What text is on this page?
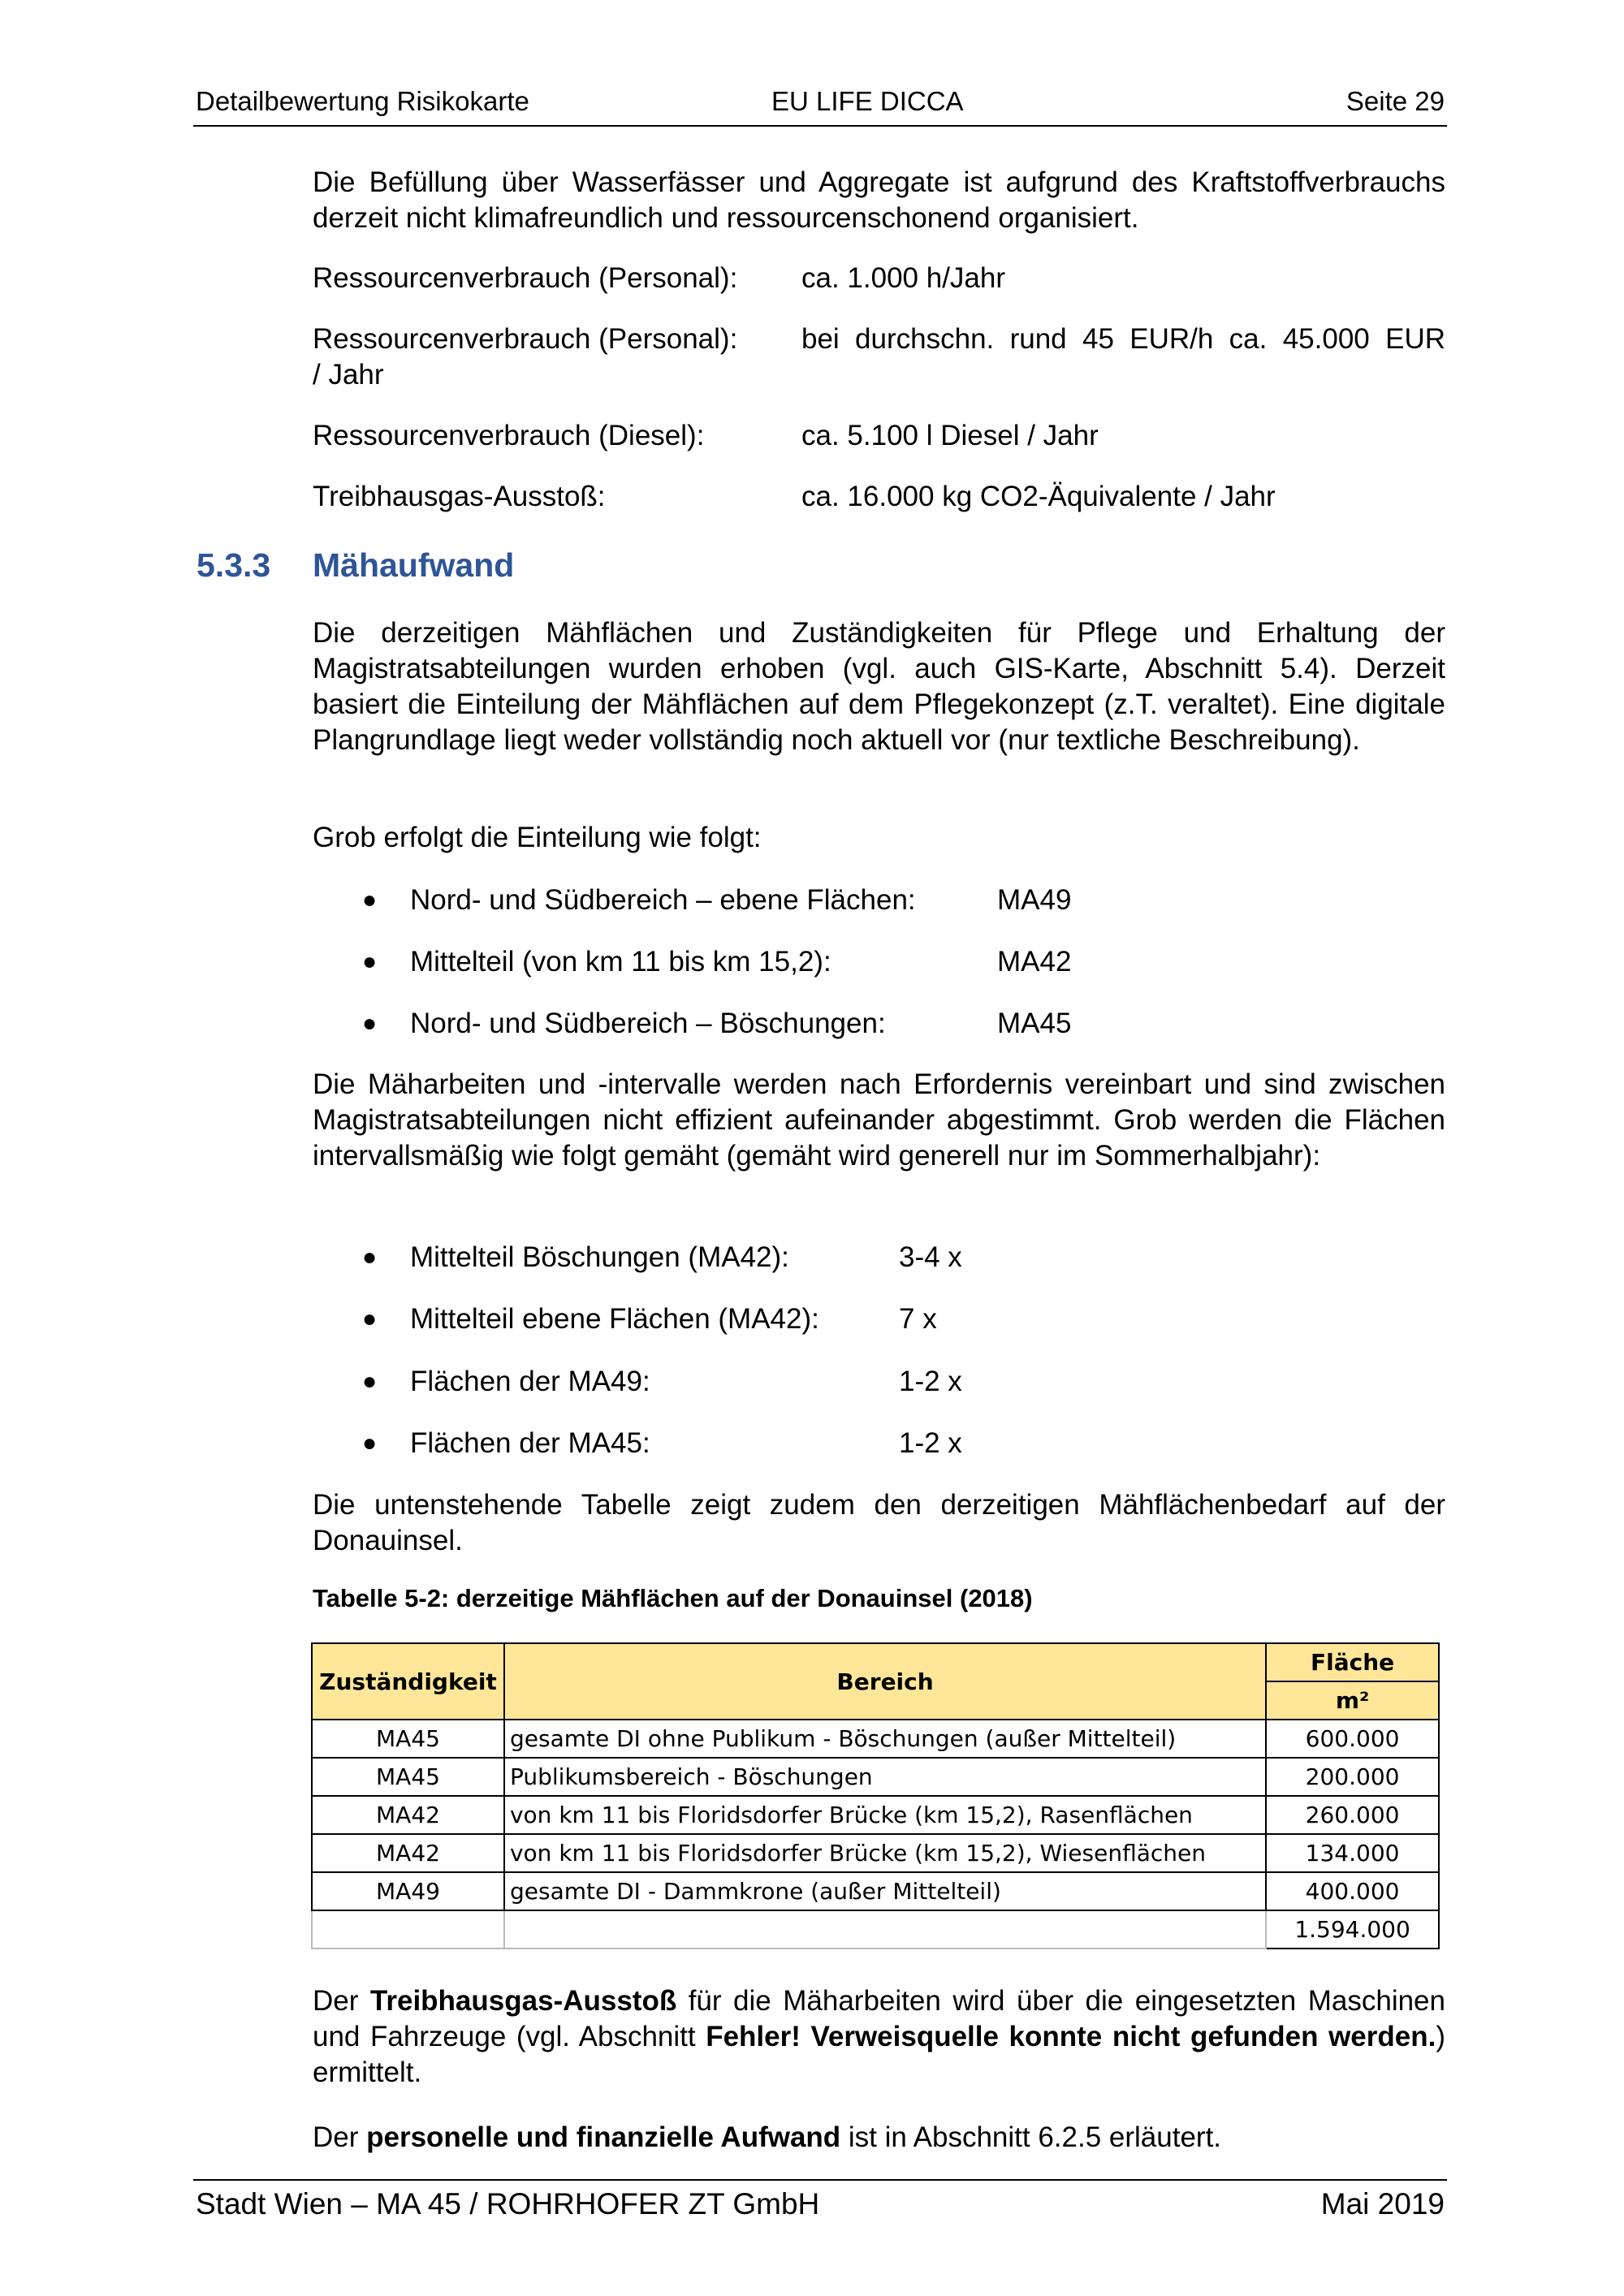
Detailbewertung Risikokarte	EU LIFE DICCA	Seite 29
Die Befüllung über Wasserfässer und Aggregate ist aufgrund des Kraftstoffverbrauchs derzeit nicht klimafreundlich und ressourcenschonend organisiert.
Ressourcenverbrauch (Personal): ca. 1.000 h/Jahr
Ressourcenverbrauch (Personal): bei durchschn. rund 45 EUR/h ca. 45.000 EUR
/ Jahr
Ressourcenverbrauch (Diesel):	ca. 5.100 l Diesel / Jahr
Treibhausgas-Ausstoß:	ca. 16.000 kg CO2-Äquivalente / Jahr
5.3.3 Mähaufwand
Die derzeitigen Mähflächen und Zuständigkeiten für Pflege und Erhaltung der Magistratsabteilungen wurden erhoben (vgl. auch GIS-Karte, Abschnitt 5.4). Derzeit basiert die Einteilung der Mähflächen auf dem Pflegekonzept (z.T. veraltet). Eine digitale Plangrundlage liegt weder vollständig noch aktuell vor (nur textliche Beschreibung).
Grob erfolgt die Einteilung wie folgt:
● Nord- und Südbereich – ebene Flächen:	MA49
● Mittelteil (von km 11 bis km 15,2):	MA42
● Nord- und Südbereich – Böschungen:	MA45
Die Mäharbeiten und -intervalle werden nach Erfordernis vereinbart und sind zwischen Magistratsabteilungen nicht effizient aufeinander abgestimmt. Grob werden die Flächen intervallsmäßig wie folgt gemäht (gemäht wird generell nur im Sommerhalbjahr):
● Mittelteil Böschungen (MA42):	3-4 x
● Mittelteil ebene Flächen (MA42):	7 x
● Flächen der MA49:	1-2 x
● Flächen der MA45:	1-2 x
Die untenstehende Tabelle zeigt zudem den derzeitigen Mähflächenbedarf auf der Donauinsel.
Tabelle 5-2: derzeitige Mähflächen auf der Donauinsel (2018)
Zuständigkeit	Bereich	Fläche
		m²
MA45	gesamte DI ohne Publikum - Böschungen (außer Mittelteil)	600.000
MA45	Publikumsbereich - Böschungen	200.000
MA42	von km 11 bis Floridsdorfer Brücke (km 15,2), Rasenflächen	260.000
MA42	von km 11 bis Floridsdorfer Brücke (km 15,2), Wiesenflächen	134.000
MA49	gesamte DI - Dammkrone (außer Mittelteil)	400.000
		1.594.000
Der Treibhausgas-Ausstoß für die Mäharbeiten wird über die eingesetzten Maschinen und Fahrzeuge (vgl. Abschnitt Fehler! Verweisquelle konnte nicht gefunden werden.) ermittelt.
Der personelle und finanzielle Aufwand ist in Abschnitt 6.2.5 erläutert.
Stadt Wien – MA 45 / ROHRHOFER ZT GmbH	Mai 2019
